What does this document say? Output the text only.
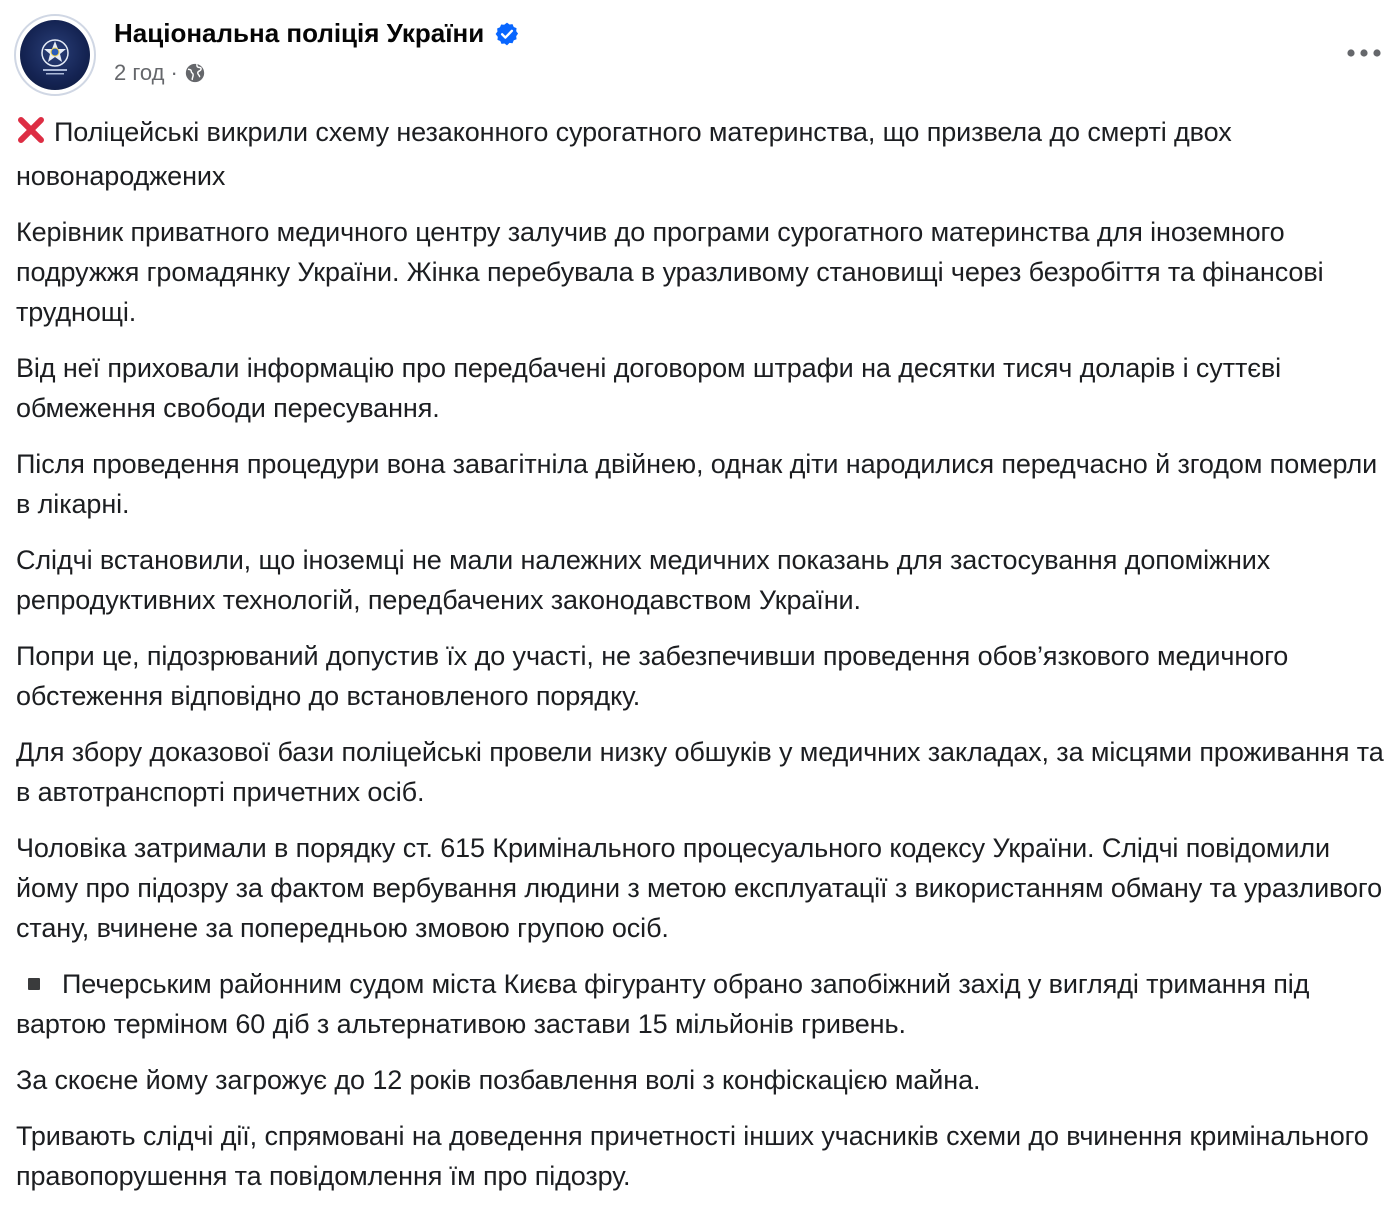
Національна поліція України
2 год ·

Поліцейські викрили схему незаконного сурогатного материнства, що призвела до смерті двох новонароджених

Керівник приватного медичного центру залучив до програми сурогатного материнства для іноземного подружжя громадянку України. Жінка перебувала в уразливому становищі через безробіття та фінансові труднощі.

Від неї приховали інформацію про передбачені договором штрафи на десятки тисяч доларів і суттєві обмеження свободи пересування.

Після проведення процедури вона завагітніла двійнею, однак діти народилися передчасно й згодом померли в лікарні.

Слідчі встановили, що іноземці не мали належних медичних показань для застосування допоміжних репродуктивних технологій, передбачених законодавством України.

Попри це, підозрюваний допустив їх до участі, не забезпечивши проведення обов’язкового медичного обстеження відповідно до встановленого порядку.

Для збору доказової бази поліцейські провели низку обшуків у медичних закладах, за місцями проживання та в автотранспорті причетних осіб.

Чоловіка затримали в порядку ст. 615 Кримінального процесуального кодексу України. Слідчі повідомили йому про підозру за фактом вербування людини з метою експлуатації з використанням обману та уразливого стану, вчинене за попередньою змовою групою осіб.

Печерським районним судом міста Києва фігуранту обрано запобіжний захід у вигляді тримання під вартою терміном 60 діб з альтернативою застави 15 мільйонів гривень.

За скоєне йому загрожує до 12 років позбавлення волі з конфіскацією майна.

Тривають слідчі дії, спрямовані на доведення причетності інших учасників схеми до вчинення кримінального правопорушення та повідомлення їм про підозру.
